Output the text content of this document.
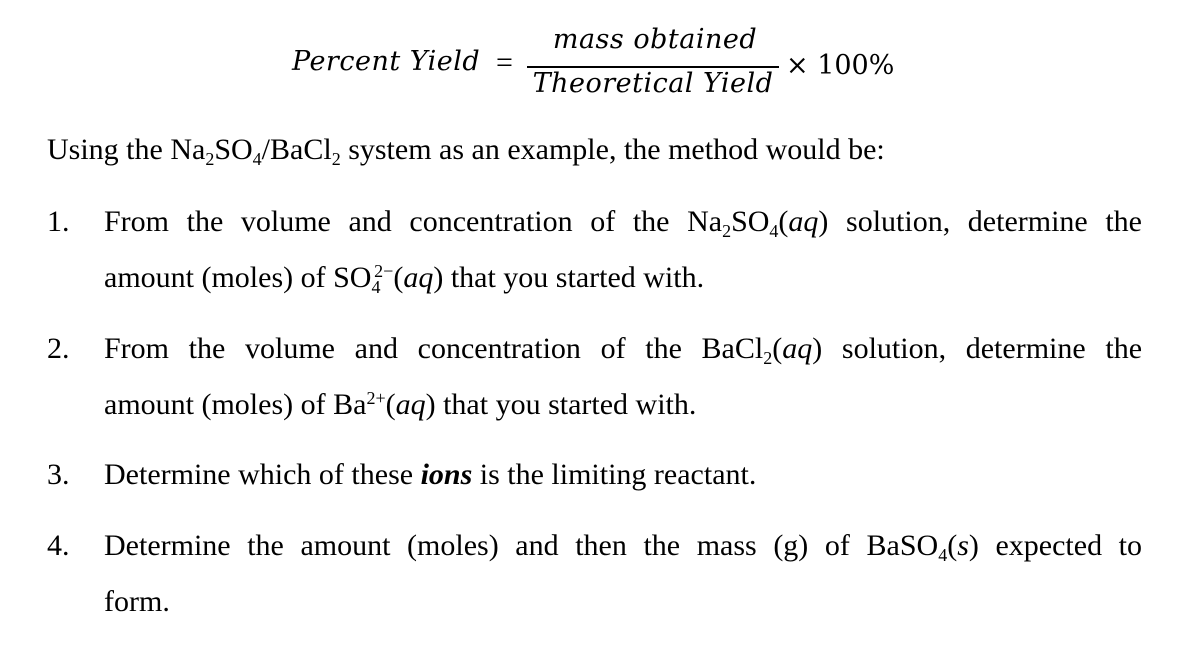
Percent Yield =
mass obtained
Theoretical Yield
× 100%
Using the $Na_2SO_4/BaCl_2$ system as an example, the method would be:
1. From the volume and concentration of the $Na_2SO_4(aq)$ solution, determine the
amount (moles) of $SO_4^{2-}(aq)$ that you started with.
2. From the volume and concentration of the BaCl$_2$(aq) solution, determine the
amount (moles) of $Ba^{2+}(aq)$ that you started with.
3. Determine which of these ions is the limiting reactant.
4. Determine the amount (moles) and then the mass (g) of BaSO$_4$(s) expected to
form.
